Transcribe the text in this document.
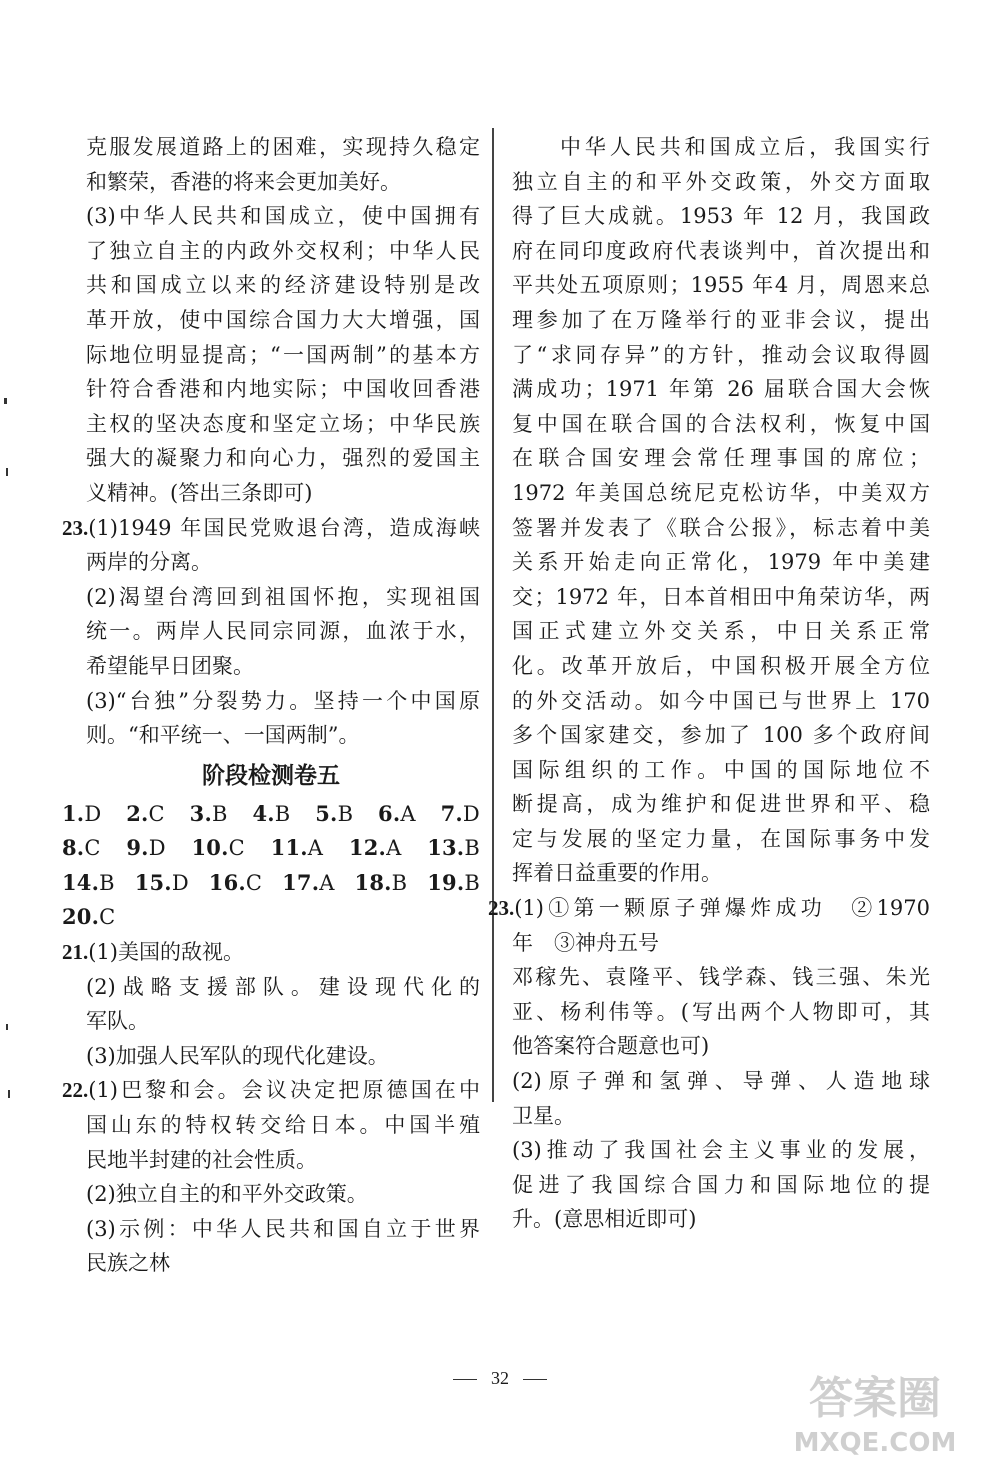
克服发展道路上的困难，实现持久稳定

和繁荣，香港的将来会更加美好。

(3)中华人民共和国成立，使中国拥有

了独立自主的内政外交权利；中华人民

共和国成立以来的经济建设特别是改

革开放，使中国综合国力大大增强，国

际地位明显提高；“一国两制”的基本方

针符合香港和内地实际；中国收回香港

主权的坚决态度和坚定立场；中华民族

强大的凝聚力和向心力，强烈的爱国主

义精神。(答出三条即可)

23.(1)1949 年国民党败退台湾，造成海峡

两岸的分离。

(2)渴望台湾回到祖国怀抱，实现祖国

统一。两岸人民同宗同源，血浓于水，

希望能早日团聚。

(3)“台独”分裂势力。坚持一个中国原

则。“和平统一、一国两制”。

阶段检测卷五

1.D 2.C 3.B 4.B 5.B 6.A 7.D
8.C 9.D 10.C 11.A 12.A 13.B
14.B 15.D 16.C 17.A 18.B 19.B
20.C

21.(1)美国的敌视。

(2)战略支援部队。建设现代化的

军队。

(3)加强人民军队的现代化建设。

22.(1)巴黎和会。会议决定把原德国在中

国山东的特权转交给日本。中国半殖

民地半封建的社会性质。

(2)独立自主的和平外交政策。

(3)示例：中华人民共和国自立于世界

民族之林

中华人民共和国成立后，我国实行

独立自主的和平外交政策，外交方面取

得了巨大成就。1953 年 12 月，我国政

府在同印度政府代表谈判中，首次提出和

平共处五项原则；1955 年4 月，周恩来总

理参加了在万隆举行的亚非会议，提出

了“求同存异”的方针，推动会议取得圆

满成功；1971 年第 26 届联合国大会恢

复中国在联合国的合法权利，恢复中国

在联合国安理会常任理事国的席位；

1972 年美国总统尼克松访华，中美双方

签署并发表了《联合公报》，标志着中美

关系开始走向正常化，1979 年中美建

交；1972 年，日本首相田中角荣访华，两

国正式建立外交关系，中日关系正常

化。改革开放后，中国积极开展全方位

的外交活动。如今中国已与世界上 170

多个国家建交，参加了 100 多个政府间

国际组织的工作。中国的国际地位不

断提高，成为维护和促进世界和平、稳

定与发展的坚定力量，在国际事务中发

挥着日益重要的作用。

23.(1)①第一颗原子弹爆炸成功　②1970

年　③神舟五号

邓稼先、袁隆平、钱学森、钱三强、朱光

亚、杨利伟等。(写出两个人物即可，其

他答案符合题意也可)

(2)原子弹和氢弹、导弹、人造地球

卫星。

(3)推动了我国社会主义事业的发展，

促进了我国综合国力和国际地位的提

升。(意思相近即可)

32	答案圈
MXQE.COM
